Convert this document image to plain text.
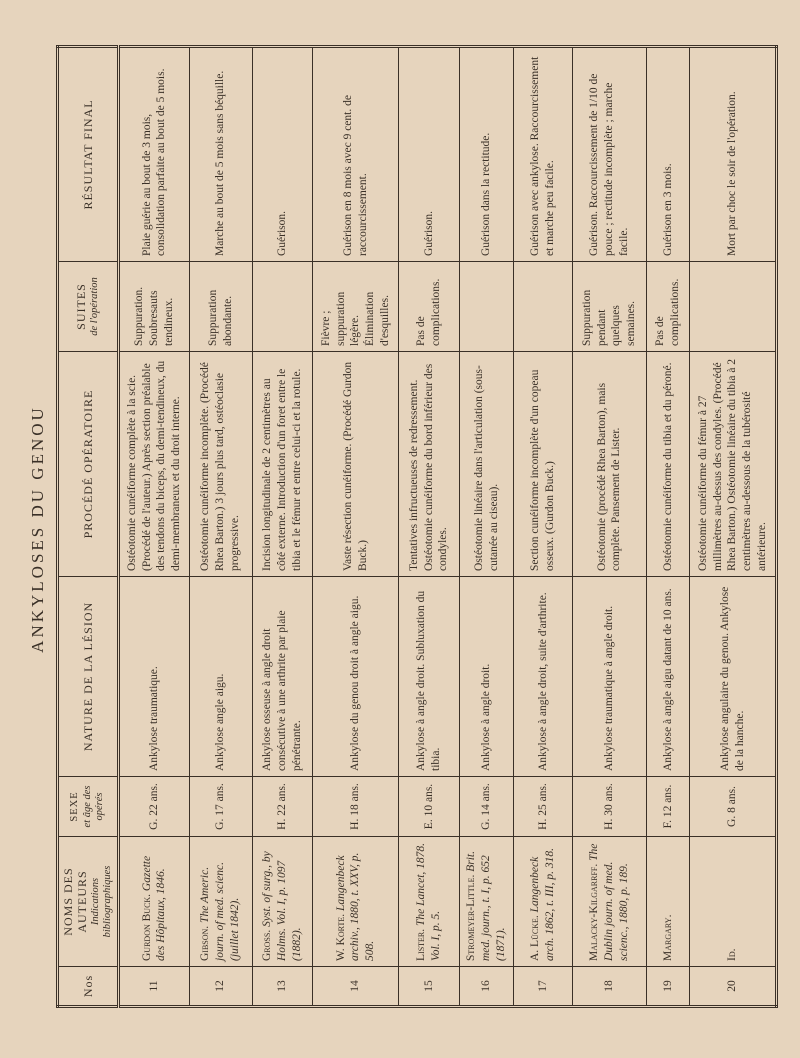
ANKYLOSES DU GENOU
Nos	NOMS DES AUTEURS Indications bibliographiques	SEXE et âge des opérés	NATURE DE LA LÉSION	PROCÉDÉ OPÉRATOIRE	SUITES de l'opération	RÉSULTAT FINAL

11	Gurdon Buck. Gazette des Hôpitaux, 1846.	G. 22 ans.	Ankylose traumatique.	Ostéotomie cunéiforme complète à la scie. (Procédé de l'auteur.) Après section préalable des tendons du biceps, du demi-tendineux, du demi-membraneux et du droit interne.	Suppuration. Soubresauts tendineux.	Plaie guérie au bout de 3 mois, consolidation parfaite au bout de 5 mois.
12	Gibson. The Americ. journ. of med. scienc. (juillet 1842).	G. 17 ans.	Ankylose angle aigu.	Ostéotomie cunéiforme incomplète. (Procédé Rhea Barton.) 3 jours plus tard, ostéoclasie progressive.	Suppuration abondante.	Marche au bout de 5 mois sans béquille.
13	Gross. Syst. of surg., by Holms. Vol. I, p. 1097 (1882).	H. 22 ans.	Ankylose osseuse à angle droit consécutive à une arthrite par plaie pénétrante.	Incision longitudinale de 2 centimètres au côté externe. Introduction d'un foret entre le tibia et le fémur et entre celui-ci et la rotule.		Guérison.
14	W. Korte. Langenbeck archiv., 1880, t. XXV, p. 508.	H. 18 ans.	Ankylose du genou droit à angle aigu.	Vaste résection cunéiforme. (Procédé Gurdon Buck.)	Fièvre ; suppuration légère. Élimination d'esquilles.	Guérison en 8 mois avec 9 cent. de raccourcissement.
15	Lister. The Lancet, 1878. Vol. I, p. 5.	E. 10 ans.	Ankylose à angle droit. Subluxation du tibia.	Tentatives infructueuses de redressement. Ostéotomie cunéiforme du bord inférieur des condyles.	Pas de complications.	Guérison.
16	Stromeyer-Little. Brit. med. journ., t. I, p. 652 (1871).	G. 14 ans.	Ankylose à angle droit.	Ostéotomie linéaire dans l'articulation (sous-cutanée au ciseau).		Guérison dans la rectitude.
17	A. Lücke. Langenbeck arch. 1862, t. III, p. 318.	H. 25 ans.	Ankylose à angle droit, suite d'arthrite.	Section cunéiforme incomplète d'un copeau osseux. (Gurdon Buck.)		Guérison avec ankylose. Raccourcissement et marche peu facile.
18	Malacky-Kilgarrff. The Dublin journ. of med. scienc., 1880, p. 189.	H. 30 ans.	Ankylose traumatique à angle droit.	Ostéotomie (procédé Rhea Barton), mais complète. Pansement de Lister.	Suppuration pendant quelques semaines.	Guérison. Raccourcissement de 1/10 de pouce ; rectitude incomplète ; marche facile.
19	Margary.	F. 12 ans.	Ankylose à angle aigu datant de 10 ans.	Ostéotomie cunéiforme du tibia et du péroné.	Pas de complications.	Guérison en 3 mois.
20	Id.	G. 8 ans.	Ankylose angulaire du genou. Ankylose de la hanche.	Ostéotomie cunéiforme du fémur à 27 millimètres au-dessus des condyles. (Procédé Rhea Barton.) Ostéotomie linéaire du tibia à 2 centimètres au-dessous de la tubérosité antérieure.		Mort par choc le soir de l'opération.
